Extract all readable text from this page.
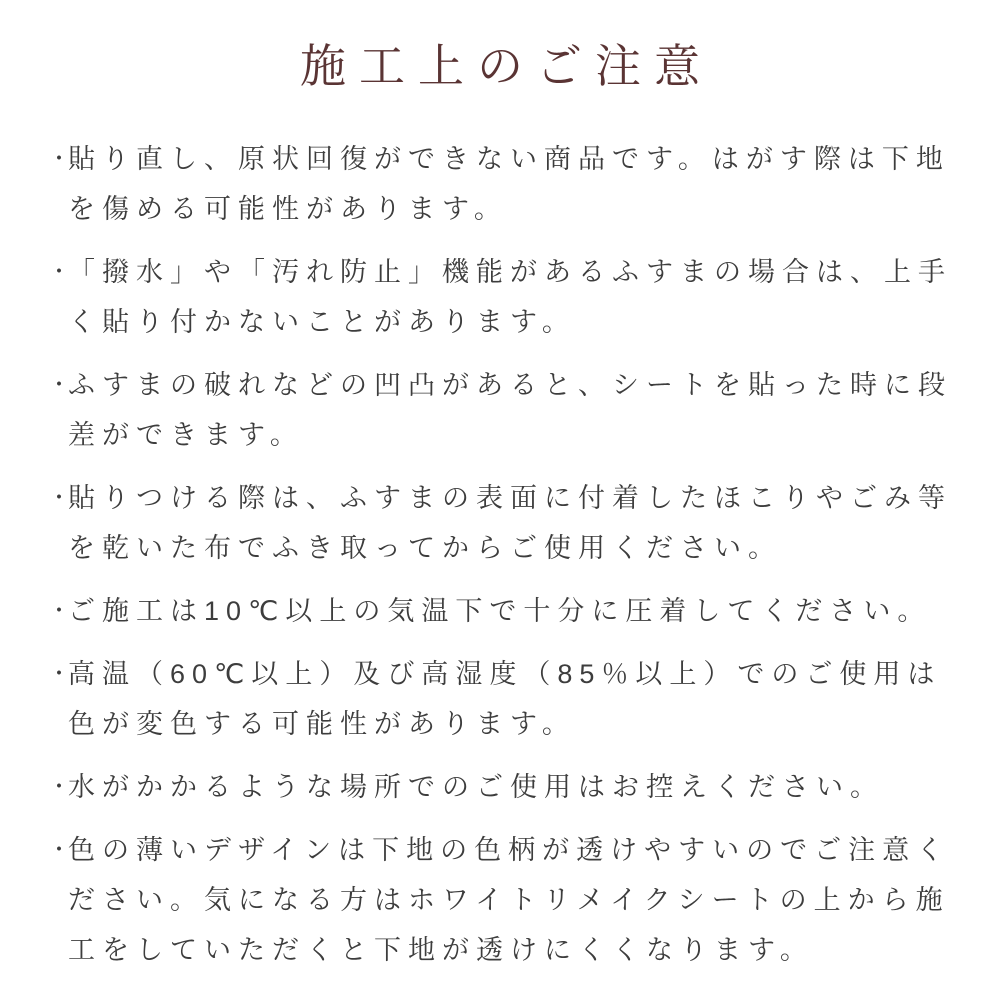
施工上のご注意
・
貼り直し、原状回復ができない商品です。はがす際は下地を傷める可能性があります。
・
「撥水」や「汚れ防止」機能があるふすまの場合は、上手く貼り付かないことがあります。
・
ふすまの破れなどの凹凸があると、シートを貼った時に段差ができます。
・
貼りつける際は、ふすまの表面に付着したほこりやごみ等を乾いた布でふき取ってからご使用ください。
・
ご施工は10℃以上の気温下で十分に圧着してください。
・
高温（60℃以上）及び高湿度（85％以上）でのご使用は色が変色する可能性があります。
・
水がかかるような場所でのご使用はお控えください。
・
色の薄いデザインは下地の色柄が透けやすいのでご注意ください。気になる方はホワイトリメイクシートの上から施工をしていただくと下地が透けにくくなります。
